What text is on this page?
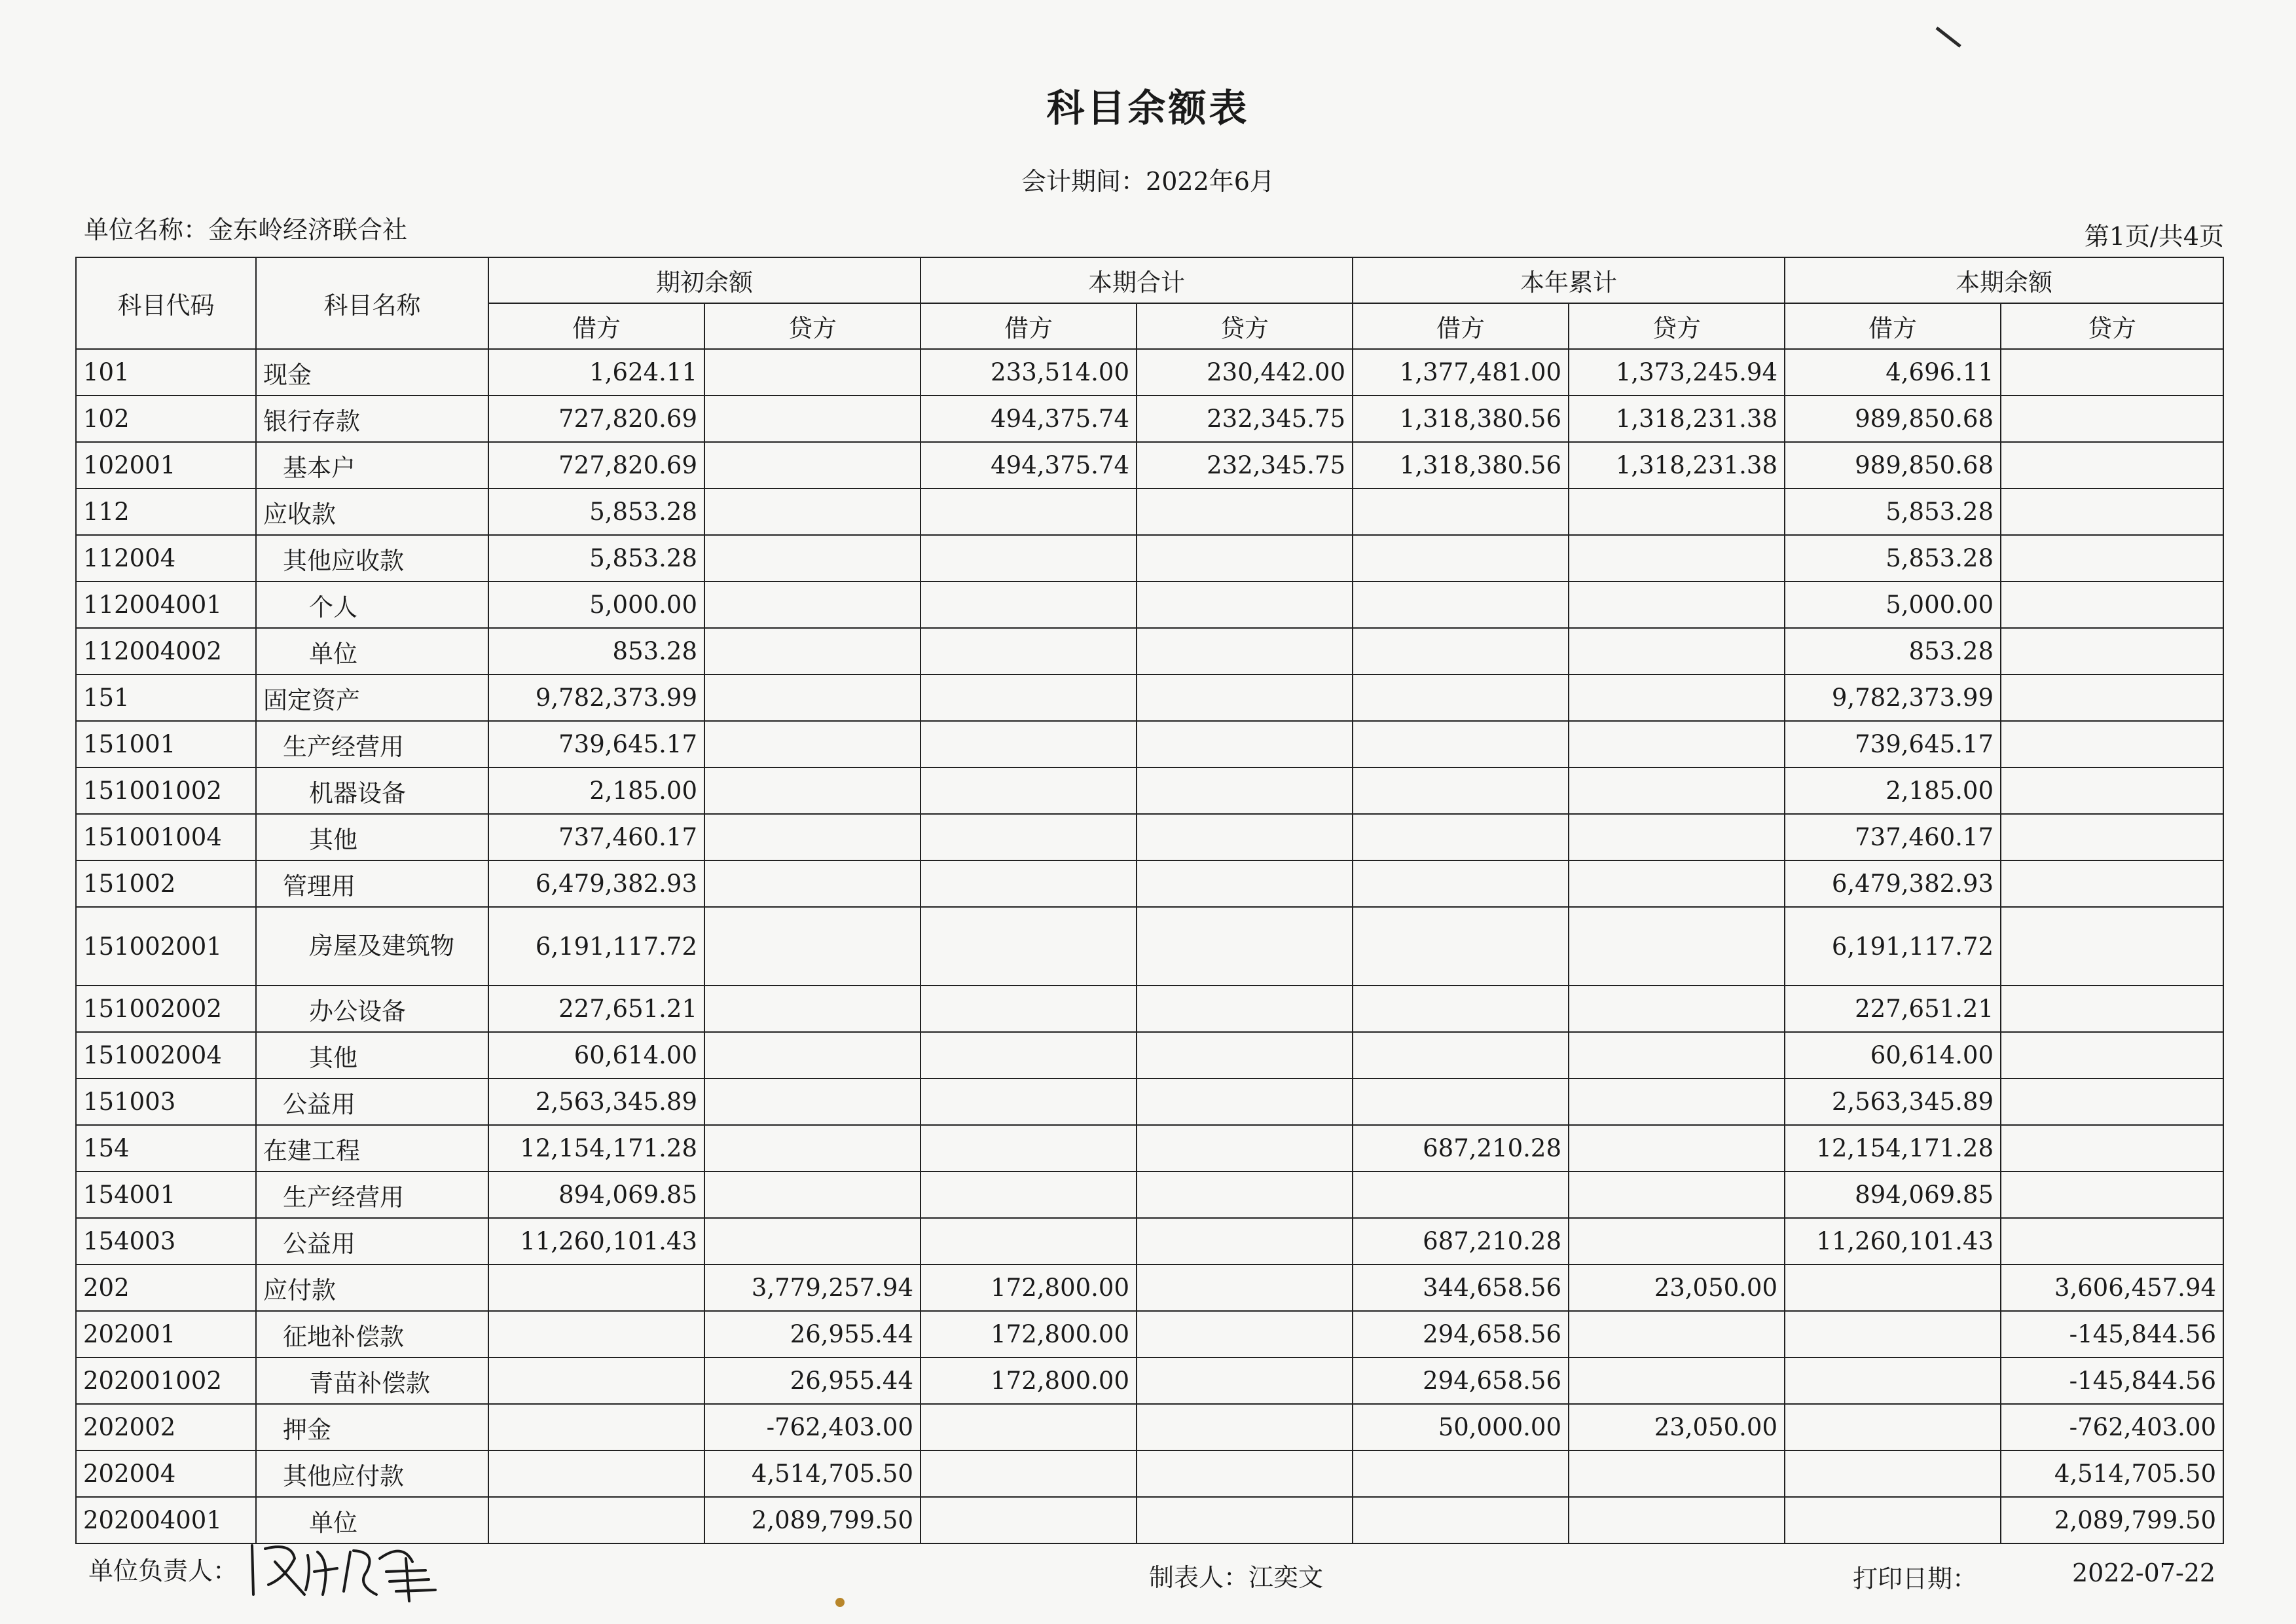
科目余额表
会计期间：2022年6月
单位名称：金东岭经济联合社	第1页/共4页
科目代码	科目名称	期初余额		本期合计		本年累计		本期余额	
		借方	贷方	借方	贷方	借方	贷方	借方	贷方
101	现金	1,624.11		233,514.00	230,442.00	1,377,481.00	1,373,245.94	4,696.11	
102	银行存款	727,820.69		494,375.74	232,345.75	1,318,380.56	1,318,231.38	989,850.68	
102001	基本户	727,820.69		494,375.74	232,345.75	1,318,380.56	1,318,231.38	989,850.68	
112	应收款	5,853.28						5,853.28	
112004	其他应收款	5,853.28						5,853.28	
112004001	个人	5,000.00						5,000.00	
112004002	单位	853.28						853.28	
151	固定资产	9,782,373.99						9,782,373.99	
151001	生产经营用	739,645.17						739,645.17	
151001002	机器设备	2,185.00						2,185.00	
151001004	其他	737,460.17						737,460.17	
151002	管理用	6,479,382.93						6,479,382.93	
151002001	房屋及建筑物	6,191,117.72						6,191,117.72	
151002002	办公设备	227,651.21						227,651.21	
151002004	其他	60,614.00						60,614.00	
151003	公益用	2,563,345.89						2,563,345.89	
154	在建工程	12,154,171.28				687,210.28		12,154,171.28	
154001	生产经营用	894,069.85						894,069.85	
154003	公益用	11,260,101.43				687,210.28		11,260,101.43	
202	应付款		3,779,257.94	172,800.00		344,658.56	23,050.00		3,606,457.94
202001	征地补偿款		26,955.44	172,800.00		294,658.56			-145,844.56
202001002	青苗补偿款		26,955.44	172,800.00		294,658.56			-145,844.56
202002	押金		-762,403.00			50,000.00	23,050.00		-762,403.00
202004	其他应付款		4,514,705.50						4,514,705.50
202004001	单位		2,089,799.50						2,089,799.50
单位负责人：	制表人：江奕文	打印日期：	2022-07-22
